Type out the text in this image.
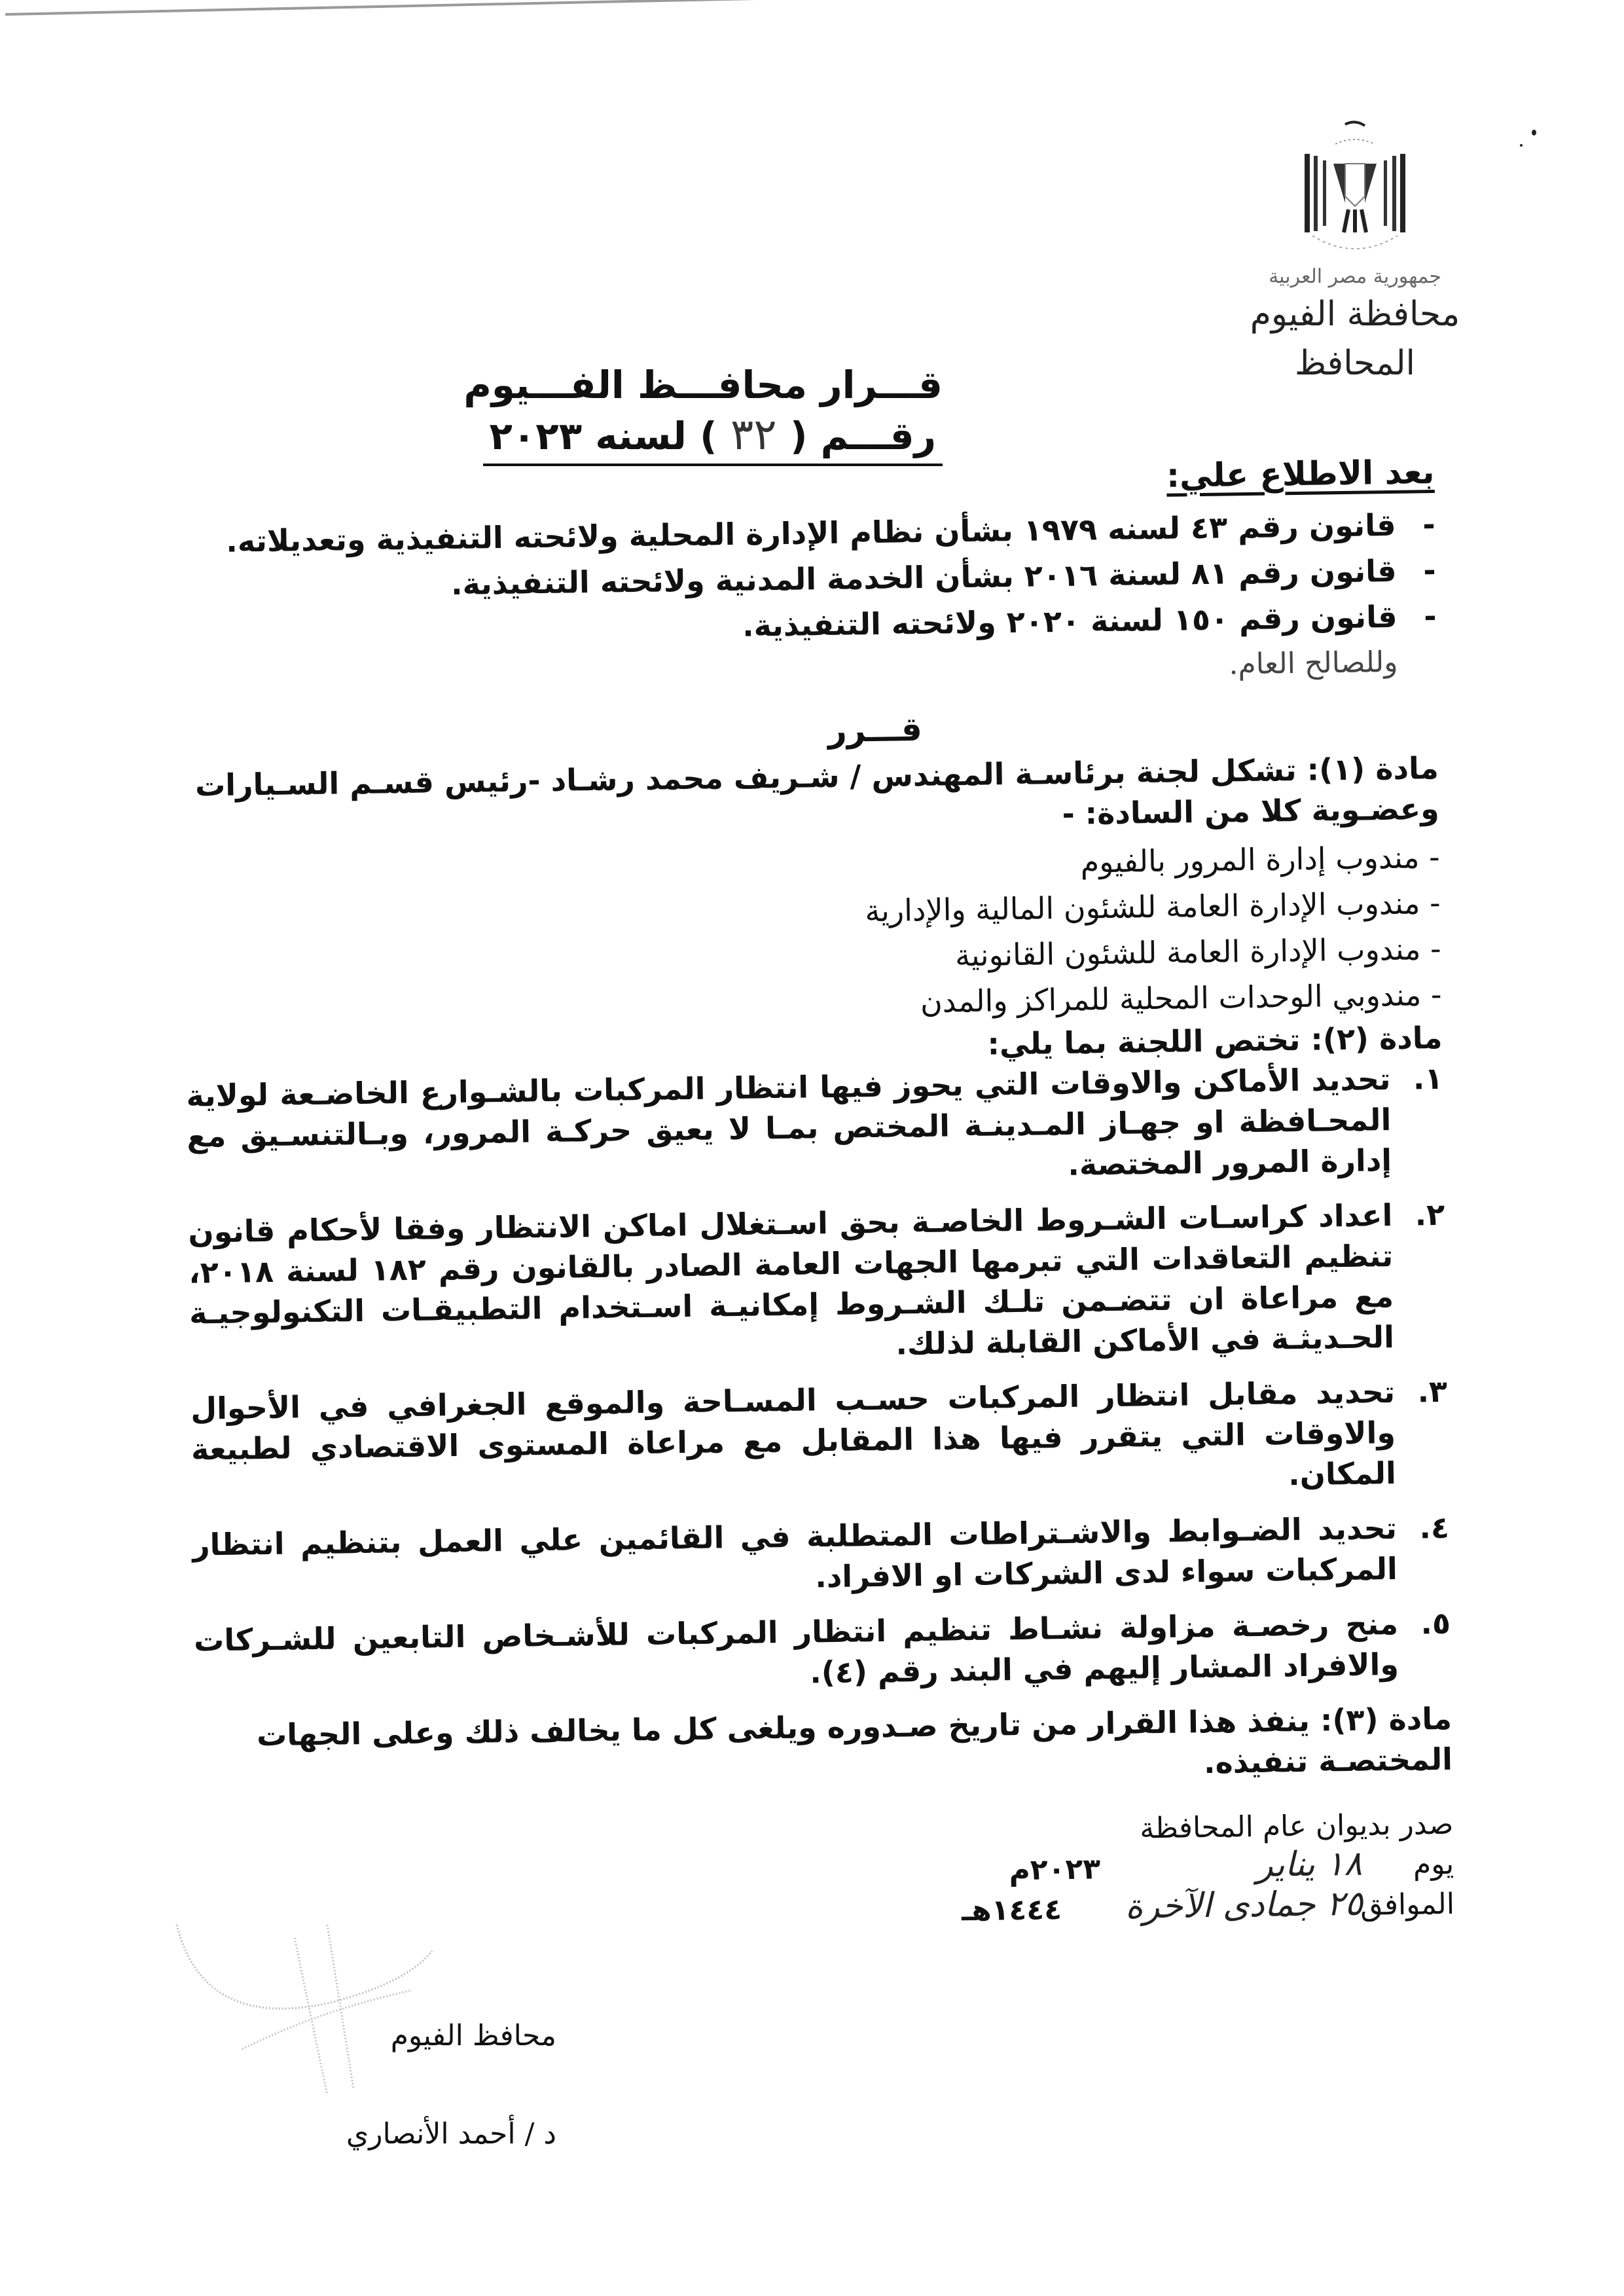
جمهورية مصر العربية
محافظة الفيوم
المحافظ
قـــرار محافـــظ الفـــيوم
رقـــم ( ٣٢ ) لسنه ٢٠٢٣
بعد الاطلاع علي:
- قانون رقم ٤٣ لسنه ١٩٧٩ بشأن نظام الإدارة المحلية ولائحته التنفيذية وتعديلاته.
- قانون رقم ٨١ لسنة ٢٠١٦ بشأن الخدمة المدنية ولائحته التنفيذية.
- قانون رقم ١٥٠ لسنة ٢٠٢٠ ولائحته التنفيذية.
وللصالح العام.
قـــرر

مادة (١): تشكل لجنة برئاسـة المهندس / شـريف محمد رشـاد -رئيس قسـم السـيارات وعضـوية كلا من السادة: -

- مندوب إدارة المرور بالفيوم
- مندوب الإدارة العامة للشئون المالية والإدارية
- مندوب الإدارة العامة للشئون القانونية
- مندوبي الوحدات المحلية للمراكز والمدن

مادة (٢): تختص اللجنة بما يلي:

١.
تحديد الأماكن والاوقات التي يحوز فيها انتظار المركبات بالشـوارع الخاضـعة لولاية المحـافظة او جهـاز المـدينـة المختص بمـا لا يعيق حركـة المرور، وبـالتنسـيق مع إدارة المرور المختصة.
٢.
اعداد كراسـات الشـروط الخاصـة بحق اسـتغلال اماكن الانتظار وفقا لأحكام قانون تنظيم التعاقدات التي تبرمها الجهات العامة الصادر بالقانون رقم ١٨٢ لسنة ٢٠١٨، مع مراعاة ان تتضـمن تلـك الشـروط إمكانيـة اسـتخدام التطبيقـات التكنولوجيـة الحـديثـة في الأماكن القابلة لذلك.
٣.
تحديد مقابل انتظار المركبات حسـب المسـاحة والموقع الجغرافي في الأحوال والاوقات التي يتقرر فيها هذا المقابل مع مراعاة المستوى الاقتصادي لطبيعة المكان.
٤.
تحديد الضـوابط والاشـتراطات المتطلبة في القائمين علي العمل بتنظيم انتظار المركبات سواء لدى الشركات او الافراد.
٥.
منح رخصـة مزاولة نشـاط تنظيم انتظار المركبات للأشـخاص التابعين للشـركات والافراد المشار إليهم في البند رقم (٤).

مادة (٣): ينفذ هذا القرار من تاريخ صـدوره ويلغى كل ما يخالف ذلك وعلى الجهات المختصـة تنفيذه.

صدر بديوان عام المحافظة
يوم
١٨ يناير
٢٠٢٣م
الموافق
٢٥ جمادى الآخرة
١٤٤٤هـ
محافظ الفيوم
د / أحمد الأنصاري
